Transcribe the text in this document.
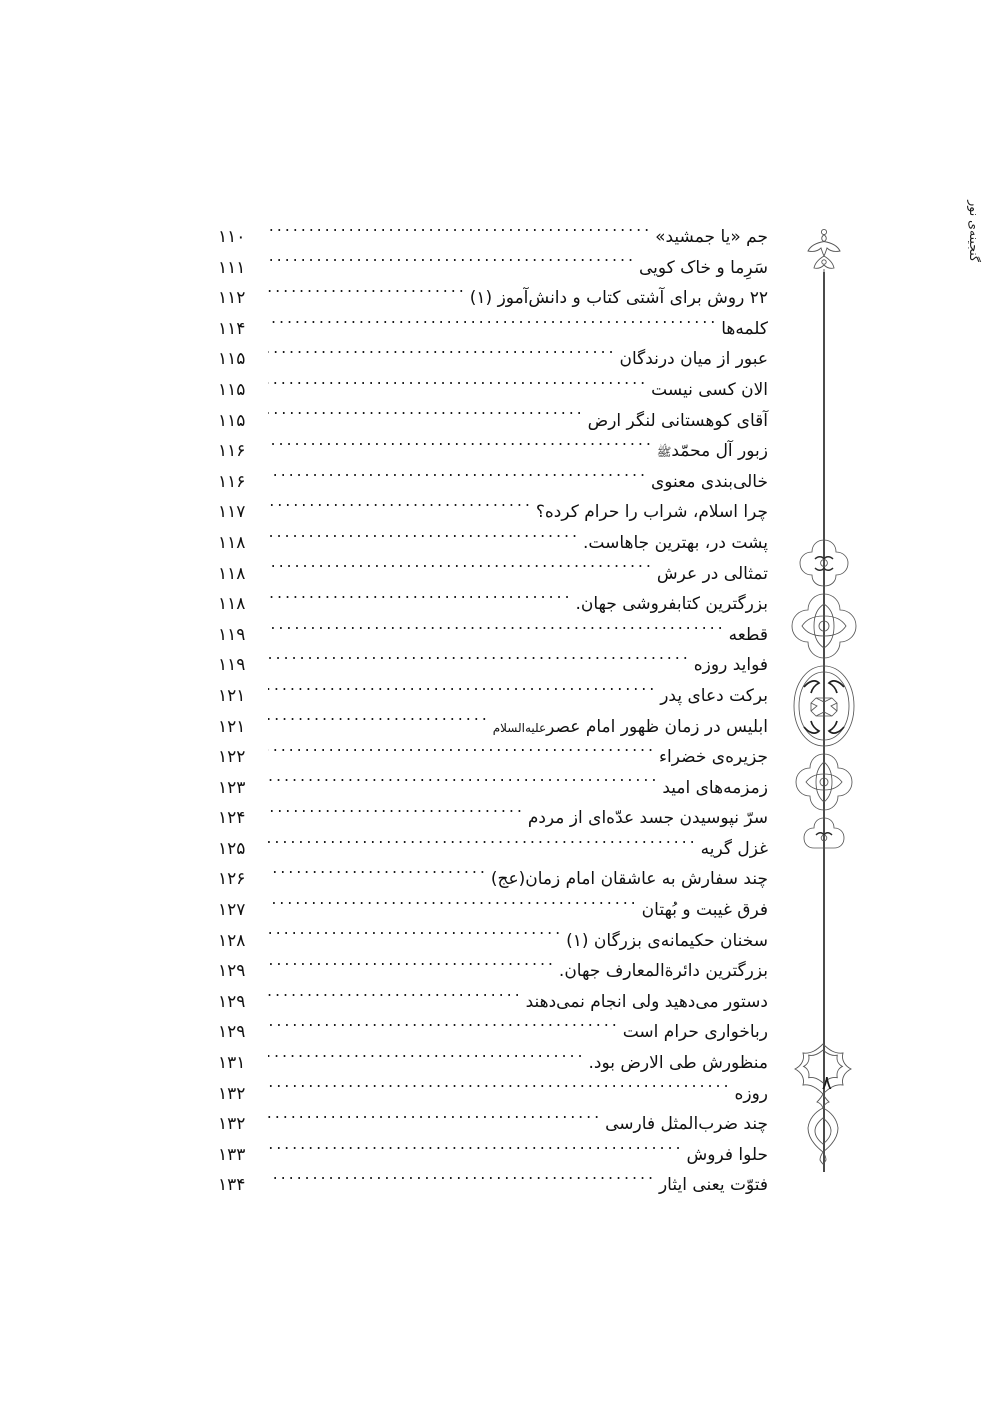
جم «یا جمشید»
.....
۱۱۰
سَرِما و خاک کویی
.....
۱۱۱
۲۲ روش برای آشتی کتاب و دانش‌آموز (۱)
.....
۱۱۲
کلمه‌ها
.....
۱۱۴
عبور از میان درندگان
.....
۱۱۵
الان کسی نیست
.....
۱۱۵
آقای کوهستانی لنگر ارض
.....
۱۱۵
زبور آل محمّد
ﷺ
.....
۱۱۶
خالی‌بندی معنوی
.....
۱۱۶
چرا اسلام، شراب را حرام کرده؟
.....
۱۱۷
پشت در، بهترین جاهاست.
.....
۱۱۸
تمثالی در عرش
.....
۱۱۸
بزرگترین کتابفروشی جهان.
.....
۱۱۸
قطعه
.....
۱۱۹
فواید روزه
.....
۱۱۹
برکت دعای پدر
.....
۱۲۱
ابلیس در زمان ظهور امام عصر
علیه‌السلام
.....
۱۲۱
جزیره‌ی خضراء
.....
۱۲۲
زمزمه‌های امید
.....
۱۲۳
سرّ نپوسیدن جسد عدّه‌ای از مردم
.....
۱۲۴
غزل گریه
.....
۱۲۵
چند سفارش به عاشقان امام زمان(عج)
.....
۱۲۶
فرق غیبت و بُهتان
.....
۱۲۷
سخنان حکیمانه‌ی بزرگان (۱)
.....
۱۲۸
بزرگترین دائرةالمعارف جهان.
.....
۱۲۹
دستور می‌دهید ولی انجام نمی‌دهند
.....
۱۲۹
رباخواری حرام است
.....
۱۲۹
منظورش طی الارض بود.
.....
۱۳۱
روزه
.....
۱۳۲
چند ضرب‌المثل فارسی
.....
۱۳۲
حلوا فروش
.....
۱۳۳
فتوّت یعنی ایثار
.....
۱۳۴
۸
گنجینه‌ی نور
